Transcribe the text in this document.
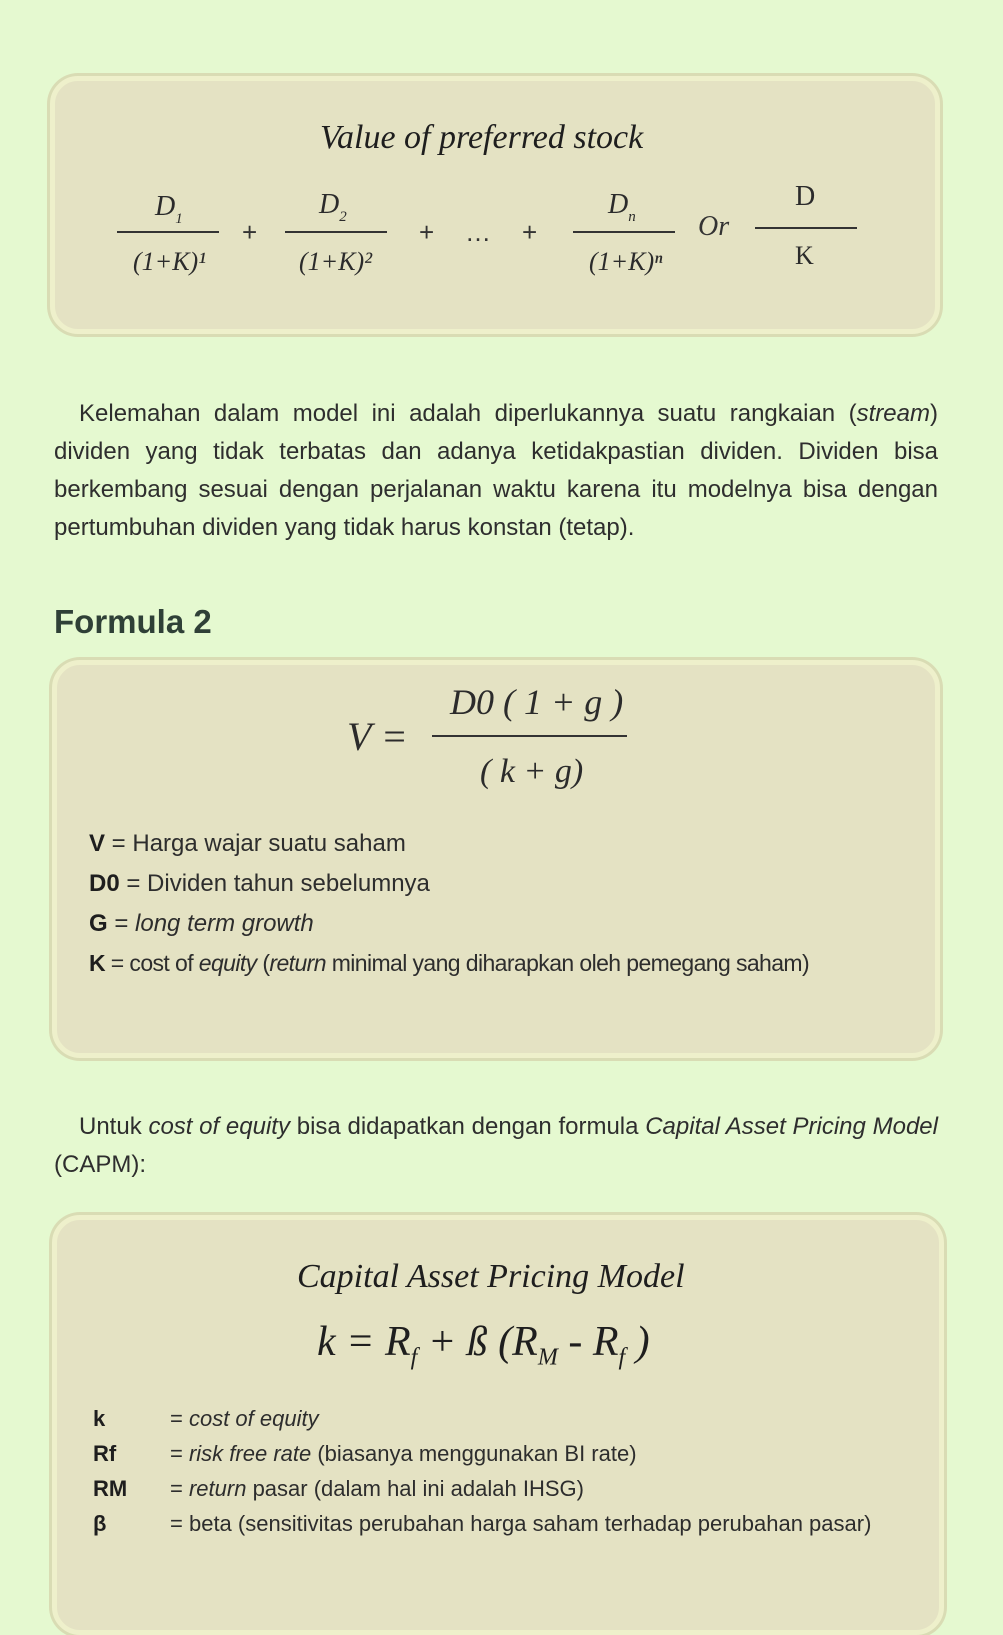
Value of preferred stock
D1
(1+K)¹
+
D2
(1+K)²
+ … +
Dn
(1+K)ⁿ
Or
D
K
Kelemahan dalam model ini adalah diperlukannya suatu rangkaian (stream) dividen yang tidak terbatas dan adanya ketidakpastian dividen. Dividen bisa berkembang sesuai dengan perjalanan waktu karena itu modelnya bisa dengan pertumbuhan dividen yang tidak harus konstan (tetap).
Formula 2
V =
D0 ( 1 + g )
( k + g)
V = Harga wajar suatu saham
D0 = Dividen tahun sebelumnya
G = long term growth
K = cost of equity (return minimal yang diharapkan oleh pemegang saham)
Untuk cost of equity bisa didapatkan dengan formula Capital Asset Pricing Model (CAPM):
Capital Asset Pricing Model
$k = R_f$ + ß ($R_M - R_f$ )
k	= cost of equity
Rf = risk free rate (biasanya menggunakan BI rate)
RM = return pasar (dalam hal ini adalah IHSG)
β	= beta (sensitivitas perubahan harga saham terhadap perubahan pasar)
